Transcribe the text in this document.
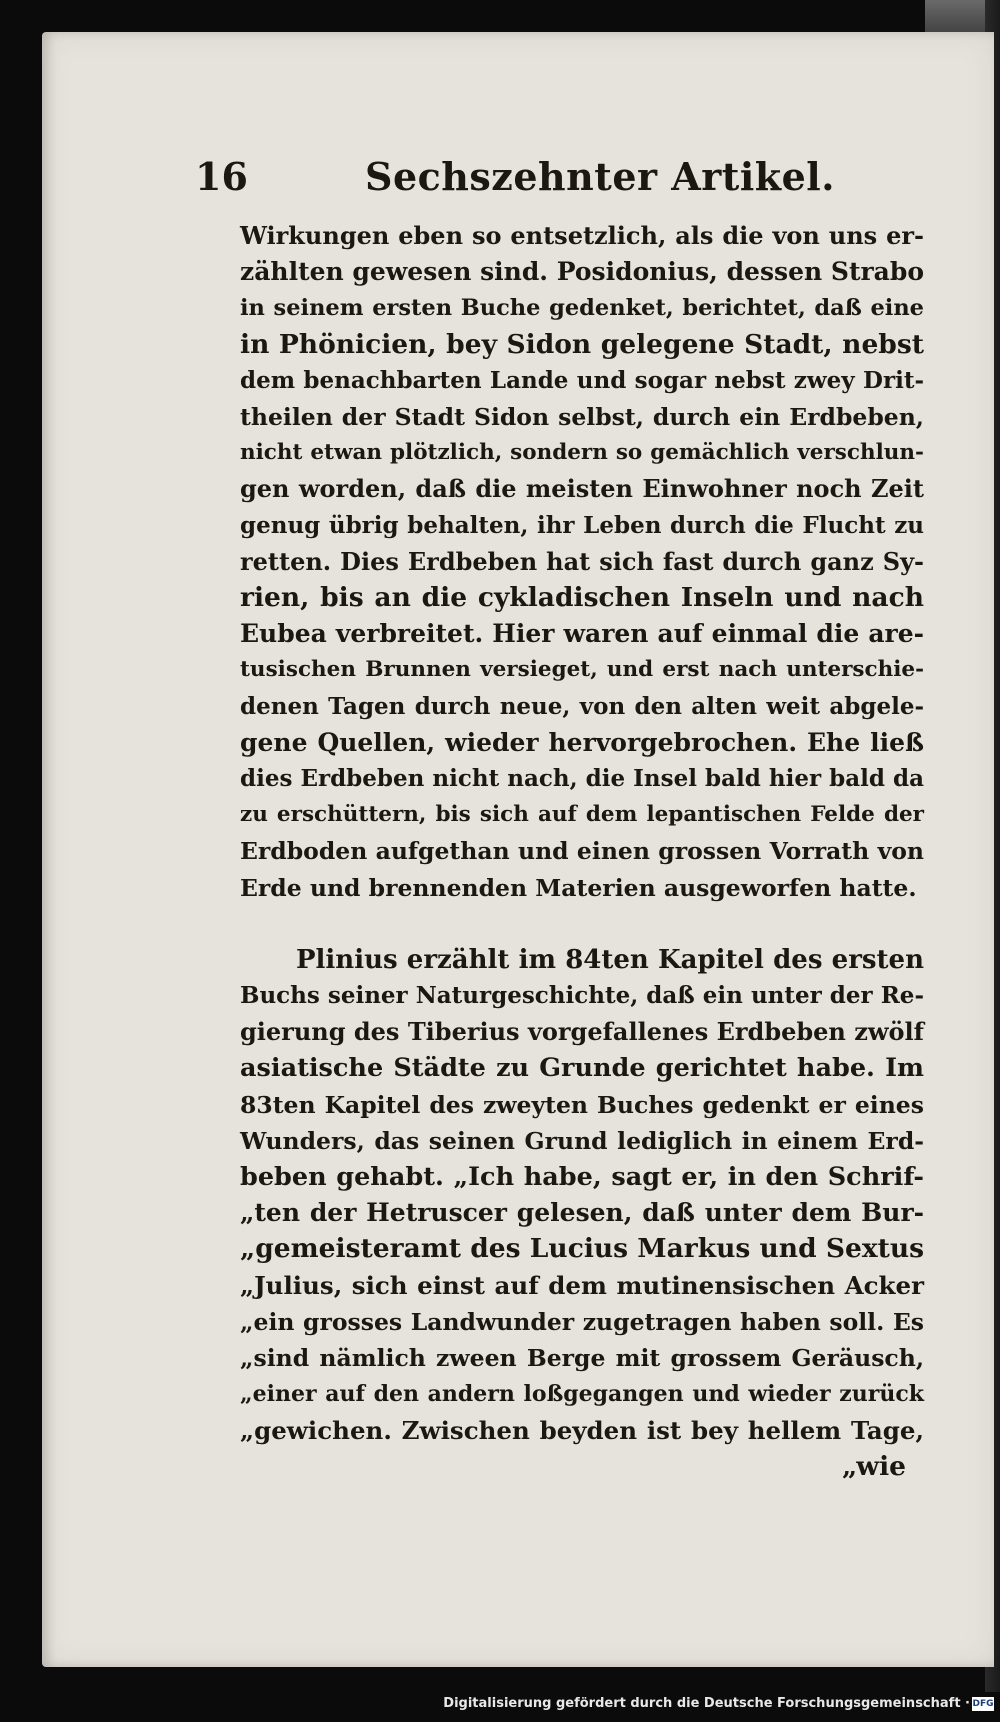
16	Sechszehnter Artikel.
Wirkungen eben so entsetzlich, als die von uns er-
zählten gewesen sind. Posidonius, dessen Strabo
in seinem ersten Buche gedenket, berichtet, daß eine
in Phönicien, bey Sidon gelegene Stadt, nebst
dem benachbarten Lande und sogar nebst zwey Drit-
theilen der Stadt Sidon selbst, durch ein Erdbeben,
nicht etwan plötzlich, sondern so gemächlich verschlun-
gen worden, daß die meisten Einwohner noch Zeit
genug übrig behalten, ihr Leben durch die Flucht zu
retten. Dies Erdbeben hat sich fast durch ganz Sy-
rien, bis an die cykladischen Inseln und nach
Eubea verbreitet. Hier waren auf einmal die are-
tusischen Brunnen versieget, und erst nach unterschie-
denen Tagen durch neue, von den alten weit abgele-
gene Quellen, wieder hervorgebrochen. Ehe ließ
dies Erdbeben nicht nach, die Insel bald hier bald da
zu erschüttern, bis sich auf dem lepantischen Felde der
Erdboden aufgethan und einen grossen Vorrath von
Erde und brennenden Materien ausgeworfen hatte.
Plinius erzählt im 84ten Kapitel des ersten
Buchs seiner Naturgeschichte, daß ein unter der Re-
gierung des Tiberius vorgefallenes Erdbeben zwölf
asiatische Städte zu Grunde gerichtet habe. Im
83ten Kapitel des zweyten Buches gedenkt er eines
Wunders, das seinen Grund lediglich in einem Erd-
beben gehabt. „Ich habe, sagt er, in den Schrif-
„ten der Hetruscer gelesen, daß unter dem Bur-
„gemeisteramt des Lucius Markus und Sextus
„Julius, sich einst auf dem mutinensischen Acker
„ein grosses Landwunder zugetragen haben soll. Es
„sind nämlich zween Berge mit grossem Geräusch,
„einer auf den andern loßgegangen und wieder zurück
„gewichen. Zwischen beyden ist bey hellem Tage,
„wie
Digitalisierung gefördert durch die Deutsche Forschungsgemeinschaft · DFG
